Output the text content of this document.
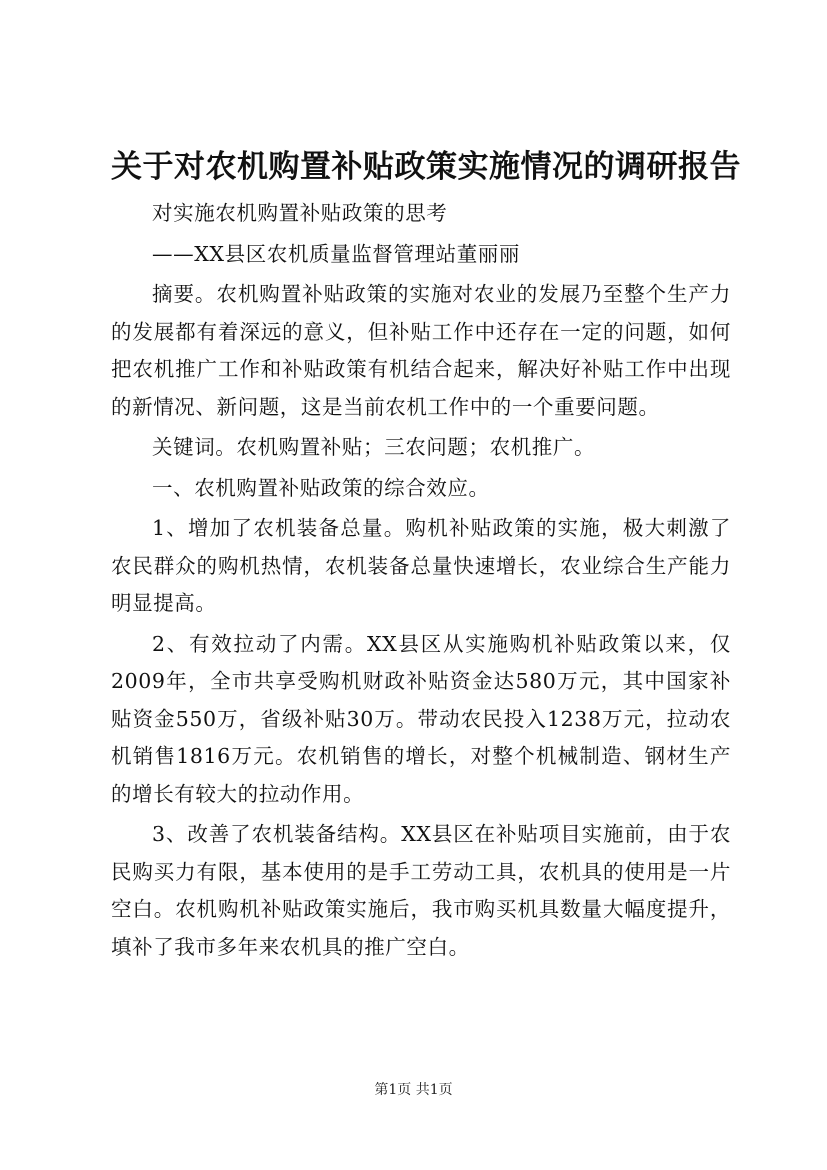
关于对农机购置补贴政策实施情况的调研报告

对实施农机购置补贴政策的思考

——XX县区农机质量监督管理站董丽丽

摘要。农机购置补贴政策的实施对农业的发展乃至整个生产力的发展都有着深远的意义，但补贴工作中还存在一定的问题，如何把农机推广工作和补贴政策有机结合起来，解决好补贴工作中出现的新情况、新问题，这是当前农机工作中的一个重要问题。

关键词。农机购置补贴；三农问题；农机推广。

一、农机购置补贴政策的综合效应。

1、增加了农机装备总量。购机补贴政策的实施，极大刺激了农民群众的购机热情，农机装备总量快速增长，农业综合生产能力明显提高。

2、有效拉动了内需。XX县区从实施购机补贴政策以来，仅2009年，全市共享受购机财政补贴资金达580万元，其中国家补贴资金550万，省级补贴30万。带动农民投入1238万元，拉动农机销售1816万元。农机销售的增长，对整个机械制造、钢材生产的增长有较大的拉动作用。

3、改善了农机装备结构。XX县区在补贴项目实施前，由于农民购买力有限，基本使用的是手工劳动工具，农机具的使用是一片空白。农机购机补贴政策实施后，我市购买机具数量大幅度提升，填补了我市多年来农机具的推广空白。

第1页 共1页
